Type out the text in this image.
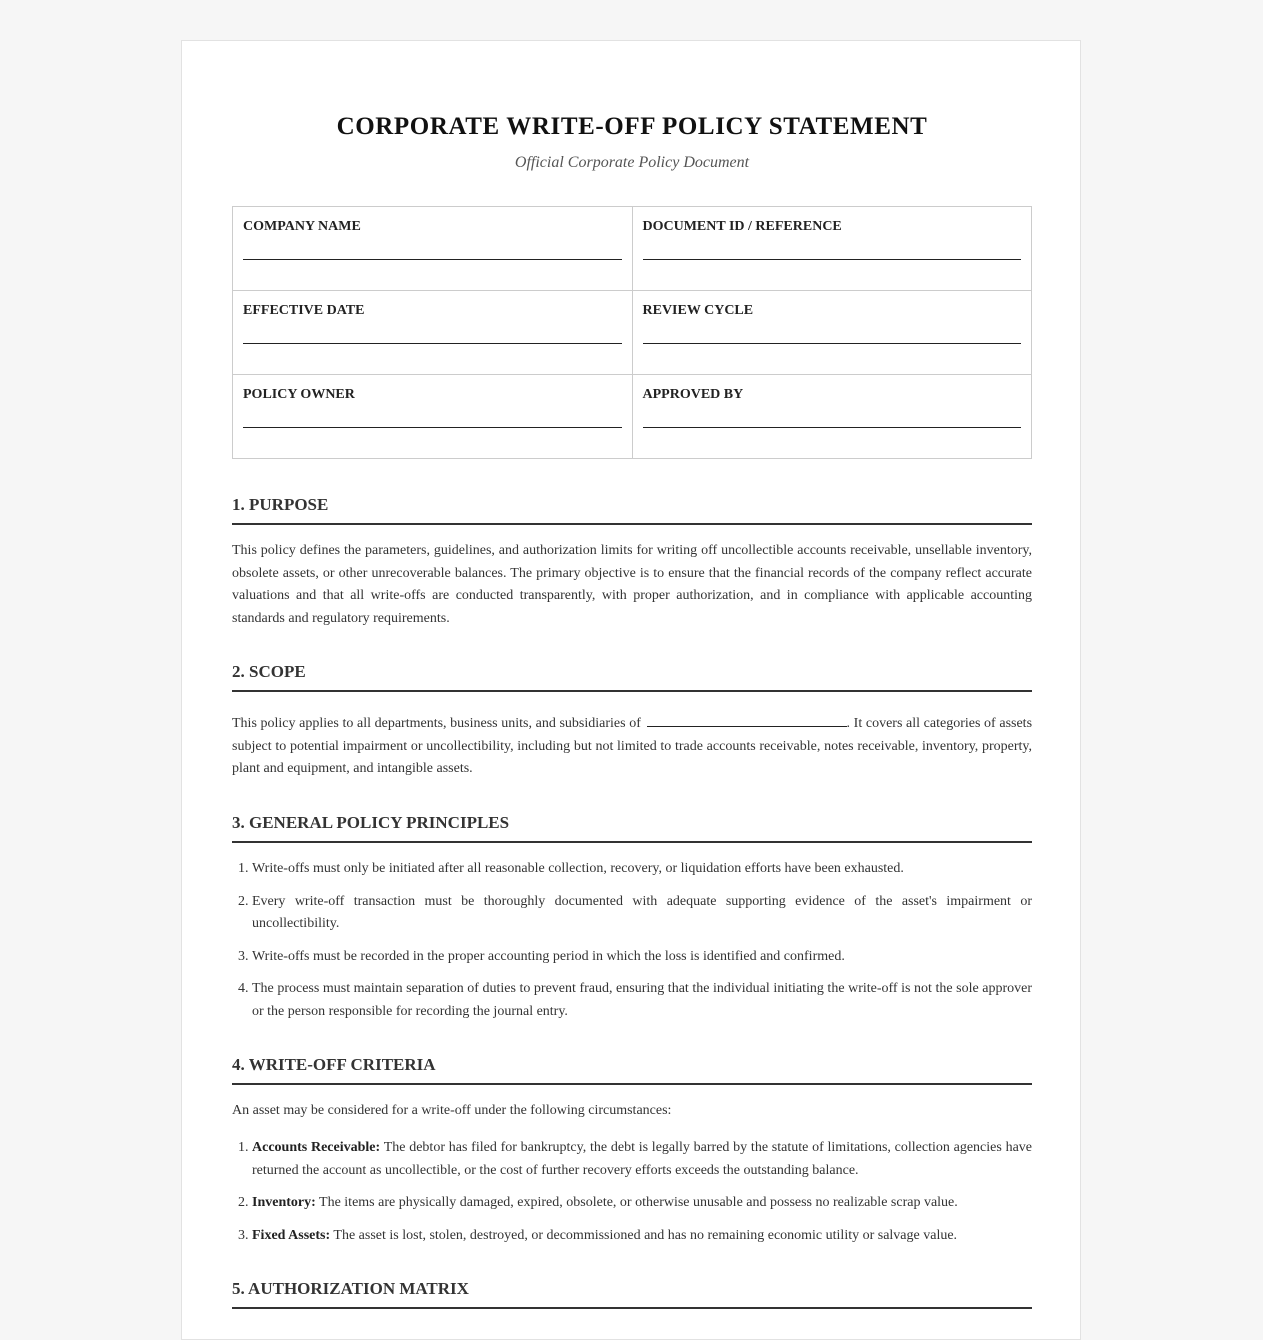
CORPORATE WRITE-OFF POLICY STATEMENT
Official Corporate Policy Document
COMPANY NAME	DOCUMENT ID / REFERENCE

EFFECTIVE DATE	REVIEW CYCLE

POLICY OWNER	APPROVED BY
1. PURPOSE

This policy defines the parameters, guidelines, and authorization limits for writing off uncollectible accounts receivable, unsellable inventory, obsolete assets, or other unrecoverable balances. The primary objective is to ensure that the financial records of the company reflect accurate valuations and that all write-offs are conducted transparently, with proper authorization, and in compliance with applicable accounting standards and regulatory requirements.

2. SCOPE

This policy applies to all departments, business units, and subsidiaries of	. It covers all categories of assets subject to potential impairment or uncollectibility, including but not limited to trade accounts receivable, notes receivable, inventory, property, plant and equipment, and intangible assets.

3. GENERAL POLICY PRINCIPLES
1. Write-offs must only be initiated after all reasonable collection, recovery, or liquidation efforts have been exhausted.
2. Every write-off transaction must be thoroughly documented with adequate supporting evidence of the asset's impairment or uncollectibility.
3. Write-offs must be recorded in the proper accounting period in which the loss is identified and confirmed.
4. The process must maintain separation of duties to prevent fraud, ensuring that the individual initiating the write-off is not the sole approver or the person responsible for recording the journal entry.
4. WRITE-OFF CRITERIA

An asset may be considered for a write-off under the following circumstances:

1. Accounts Receivable: The debtor has filed for bankruptcy, the debt is legally barred by the statute of limitations, collection agencies have returned the account as uncollectible, or the cost of further recovery efforts exceeds the outstanding balance.
2. Inventory: The items are physically damaged, expired, obsolete, or otherwise unusable and possess no realizable scrap value.
3. Fixed Assets: The asset is lost, stolen, destroyed, or decommissioned and has no remaining economic utility or salvage value.
5. AUTHORIZATION MATRIX
